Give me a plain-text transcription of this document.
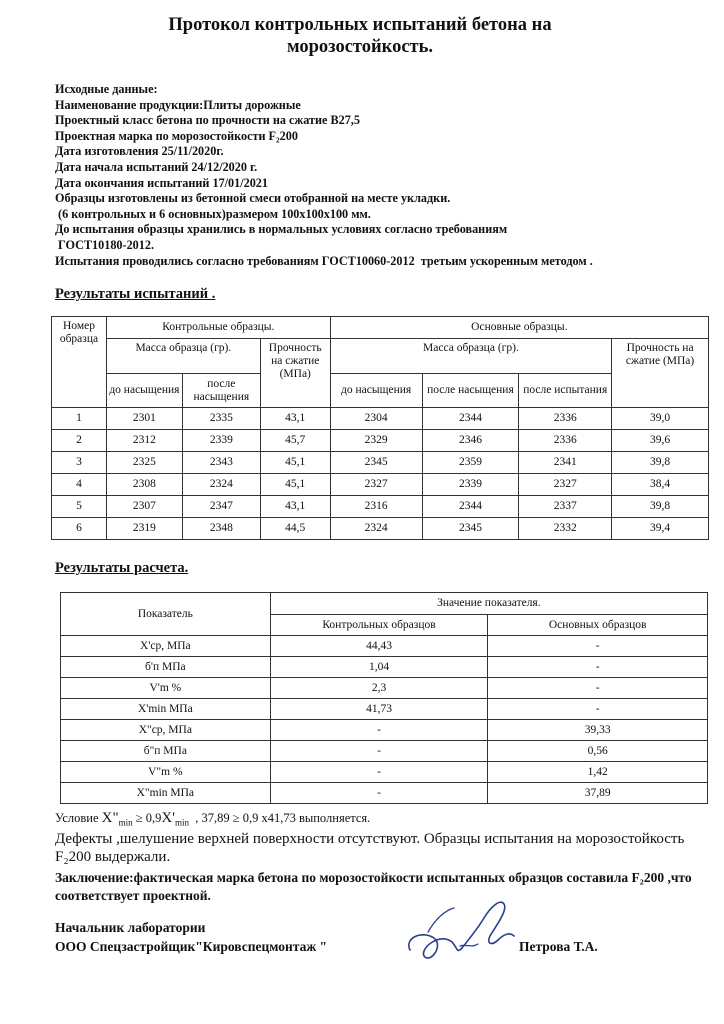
Протокол контрольных испытаний бетона на
морозостойкость.
Исходные данные:
Наименование продукции:Плиты дорожные
Проектный класс бетона по прочности на сжатие В27,5
Проектная марка по морозостойкости F₂200
Дата изготовления 25/11/2020г.
Дата начала испытаний 24/12/2020 г.
Дата окончания испытаний 17/01/2021
Образцы изготовлены из бетонной смеси отобранной на месте укладки.
(6 контрольных и 6 основных)размером 100х100х100 мм.
До испытания образцы хранились в нормальных условиях согласно требованиям
ГОСТ10180-2012.
Испытания проводились согласно требованиям ГОСТ10060-2012  третьим ускоренным методом .
Результаты испытаний .
Номер образца	Контрольные образцы.			Основные образцы.			
	Масса образца (гр).		Прочность на сжатие (МПа)	Масса образца (гр).			Прочность на сжатие (МПа)
	до насыщения	после насыщения		до насыщения	после насыщения	после испытания	
1	2301	2335	43,1	2304	2344	2336	39,0
2	2312	2339	45,7	2329	2346	2336	39,6
3	2325	2343	45,1	2345	2359	2341	39,8
4	2308	2324	45,1	2327	2339	2327	38,4
5	2307	2347	43,1	2316	2344	2337	39,8
6	2319	2348	44,5	2324	2345	2332	39,4
Результаты расчета.
Показатель	Значение показателя.	
	Контрольных образцов	Основных образцов
X'ср, МПа	44,43	-
б'п МПа	1,04	-
V'm %	2,3	-
X'min МПа	41,73	-
X"ср, МПа	-	39,33
б"п МПа	-	0,56
V"m %	-	1,42
X"min МПа	-	37,89
Условие $X"_{min} \ge 0,9X'_{min}$  , 37,89 ≥ 0,9 х41,73 выполняется.
Дефекты ,шелушение верхней поверхности отсутствуют. Образцы испытания на морозостойкость F₂200 выдержали.
Заключение:фактическая марка бетона по морозостойкости испытанных образцов составила F₂200 ,что соответствует проектной.
Начальник лаборатории
ООО Спецзастройщик"Кировспецмонтаж "	Петрова Т.А.
